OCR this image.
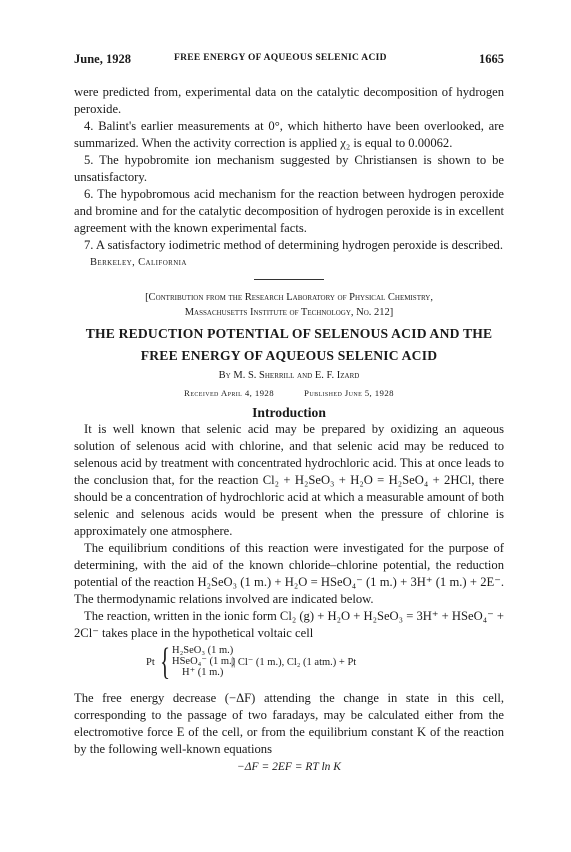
June, 1928	FREE ENERGY OF AQUEOUS SELENIC ACID	1665

were predicted from, experimental data on the catalytic decomposition of hydrogen peroxide.

4. Balint's earlier measurements at 0°, which hitherto have been overlooked, are summarized. When the activity correction is applied χ₂ is equal to 0.00062.

5. The hypobromite ion mechanism suggested by Christiansen is shown to be unsatisfactory.

6. The hypobromous acid mechanism for the reaction between hydrogen peroxide and bromine and for the catalytic decomposition of hydrogen peroxide is in excellent agreement with the known experimental facts.

7. A satisfactory iodimetric method of determining hydrogen peroxide is described.

Berkeley, California

[Contribution from the Research Laboratory of Physical Chemistry,

Massachusetts Institute of Technology, No. 212]

THE REDUCTION POTENTIAL OF SELENOUS ACID AND THE

FREE ENERGY OF AQUEOUS SELENIC ACID

By M. S. Sherrill and E. F. Izard

Received April 4, 1928	Published June 5, 1928

Introduction

It is well known that selenic acid may be prepared by oxidizing an aqueous solution of selenous acid with chlorine, and that selenic acid may be reduced to selenous acid by treatment with concentrated hydrochloric acid. This at once leads to the conclusion that, for the reaction Cl₂ + H₂SeO₃ + H₂O = H₂SeO₄ + 2HCl, there should be a concentration of hydrochloric acid at which a measurable amount of both selenic and selenous acids would be present when the pressure of chlorine is approximately one atmosphere.

The equilibrium conditions of this reaction were investigated for the purpose of determining, with the aid of the known chloride–chlorine potential, the reduction potential of the reaction H₂SeO₃ (1 m.) + H₂O = HSeO₄⁻ (1 m.) + 3H⁺ (1 m.) + 2E⁻. The thermodynamic relations involved are indicated below.

The reaction, written in the ionic form Cl₂ (g) + H₂O + H₂SeO₃ = 3H⁺ + HSeO₄⁻ + 2Cl⁻ takes place in the hypothetical voltaic cell

Pt { H₂SeO₃ (1 m.)
HSeO₄⁻ (1 m.)
H⁺ (1 m.)
|| Cl⁻ (1 m.), Cl₂ (1 atm.) + Pt

The free energy decrease (−ΔF) attending the change in state in this cell, corresponding to the passage of two faradays, may be calculated either from the electromotive force E of the cell, or from the equilibrium constant K of the reaction by the following well-known equations

−ΔF = 2EF = RT ln K
